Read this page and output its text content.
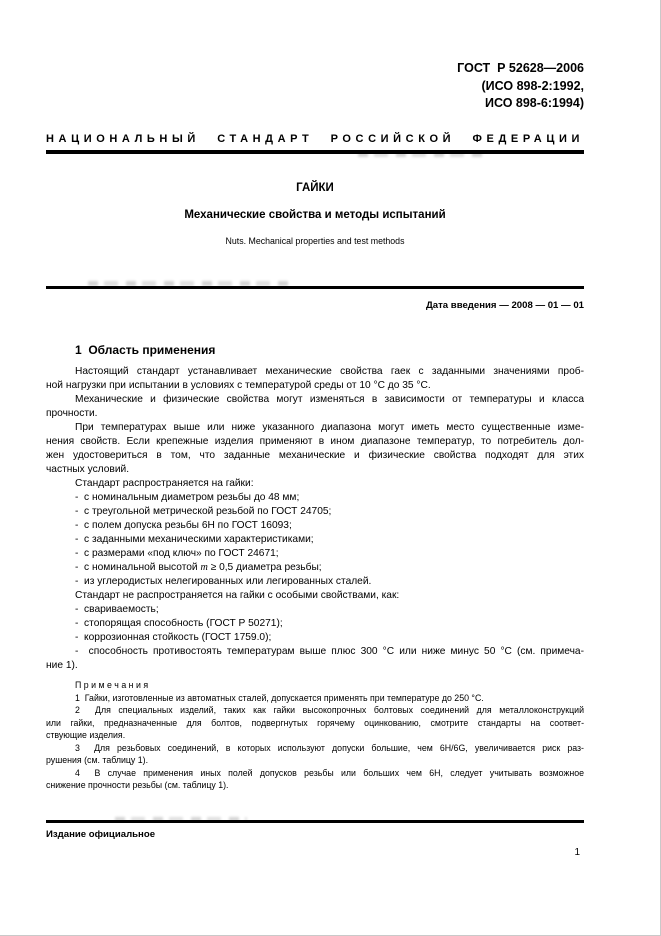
ГОСТ  Р 52628—2006
(ИСО 898-2:1992,
ИСО 898-6:1994)
НАЦИОНАЛЬНЫЙ СТАНДАРТ РОССИЙСКОЙ ФЕДЕРАЦИИ
ГАЙКИ
Механические свойства и методы испытаний
Nuts. Mechanical properties and test methods
Дата введения — 2008 — 01 — 01
1  Область применения
Настоящий стандарт устанавливает механические свойства гаек с заданными значениями проб-
ной нагрузки при испытании в условиях с температурой среды от 10 °С до 35 °С.
Механические и физические свойства могут изменяться в зависимости от температуры и класса
прочности.
При температурах выше или ниже указанного диапазона могут иметь место существенные изме-
нения свойств. Если крепежные изделия применяют в ином диапазоне температур, то потребитель дол-
жен удостовериться в том, что заданные механические и физические свойства подходят для этих
частных условий.
Стандарт распространяется на гайки:
-  с номинальным диаметром резьбы до 48 мм;
-  с треугольной метрической резьбой по ГОСТ 24705;
-  с полем допуска резьбы 6Н по ГОСТ 16093;
-  с заданными механическими характеристиками;
-  с размерами «под ключ» по ГОСТ 24671;
-  с номинальной высотой m ≥ 0,5 диаметра резьбы;
-  из углеродистых нелегированных или легированных сталей.
Стандарт не распространяется на гайки с особыми свойствами, как:
-  свариваемость;
-  стопорящая способность (ГОСТ Р 50271);
-  коррозионная стойкость (ГОСТ 1759.0);
-  способность противостоять температурам выше плюс 300 °С или ниже минус 50 °С (см. примеча-
ние 1).
П р и м е ч а н и я
1  Гайки, изготовленные из автоматных сталей, допускается применять при температуре до 250 °С.
2  Для специальных изделий, таких как гайки высокопрочных болтовых соединений для металлоконструкций
или гайки, предназначенные для болтов, подвергнутых горячему оцинкованию, смотрите стандарты на соответ-
ствующие изделия.
3  Для резьбовых соединений, в которых используют допуски большие, чем 6H/6G, увеличивается риск раз-
рушения (см. таблицу 1).
4  В случае применения иных полей допусков резьбы или больших чем 6Н, следует учитывать возможное
снижение прочности резьбы (см. таблицу 1).
Издание официальное
1
